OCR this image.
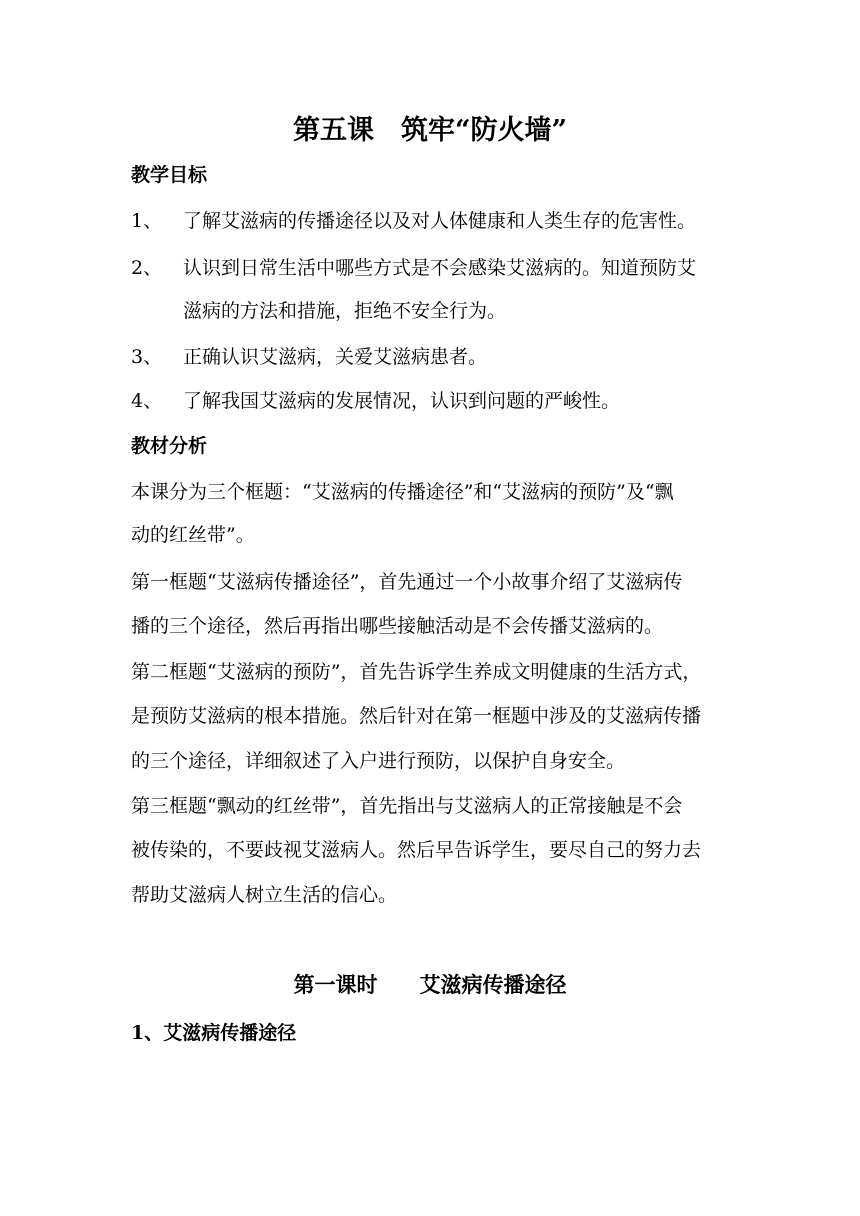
第五课　筑牢“防火墙”
教学目标
1、 了解艾滋病的传播途径以及对人体健康和人类生存的危害性。
2、 认识到日常生活中哪些方式是不会感染艾滋病的。知道预防艾
滋病的方法和措施，拒绝不安全行为。
3、 正确认识艾滋病，关爱艾滋病患者。
4、 了解我国艾滋病的发展情况，认识到问题的严峻性。
教材分析
本课分为三个框题：“艾滋病的传播途径”和“艾滋病的预防”及“飘
动的红丝带”。
第一框题“艾滋病传播途径”，首先通过一个小故事介绍了艾滋病传
播的三个途径，然后再指出哪些接触活动是不会传播艾滋病的。
第二框题“艾滋病的预防”，首先告诉学生养成文明健康的生活方式，
是预防艾滋病的根本措施。然后针对在第一框题中涉及的艾滋病传播
的三个途径，详细叙述了入户进行预防，以保护自身安全。
第三框题“飘动的红丝带”，首先指出与艾滋病人的正常接触是不会
被传染的，不要歧视艾滋病人。然后早告诉学生，要尽自己的努力去
帮助艾滋病人树立生活的信心。
第一课时　　艾滋病传播途径
1、艾滋病传播途径
